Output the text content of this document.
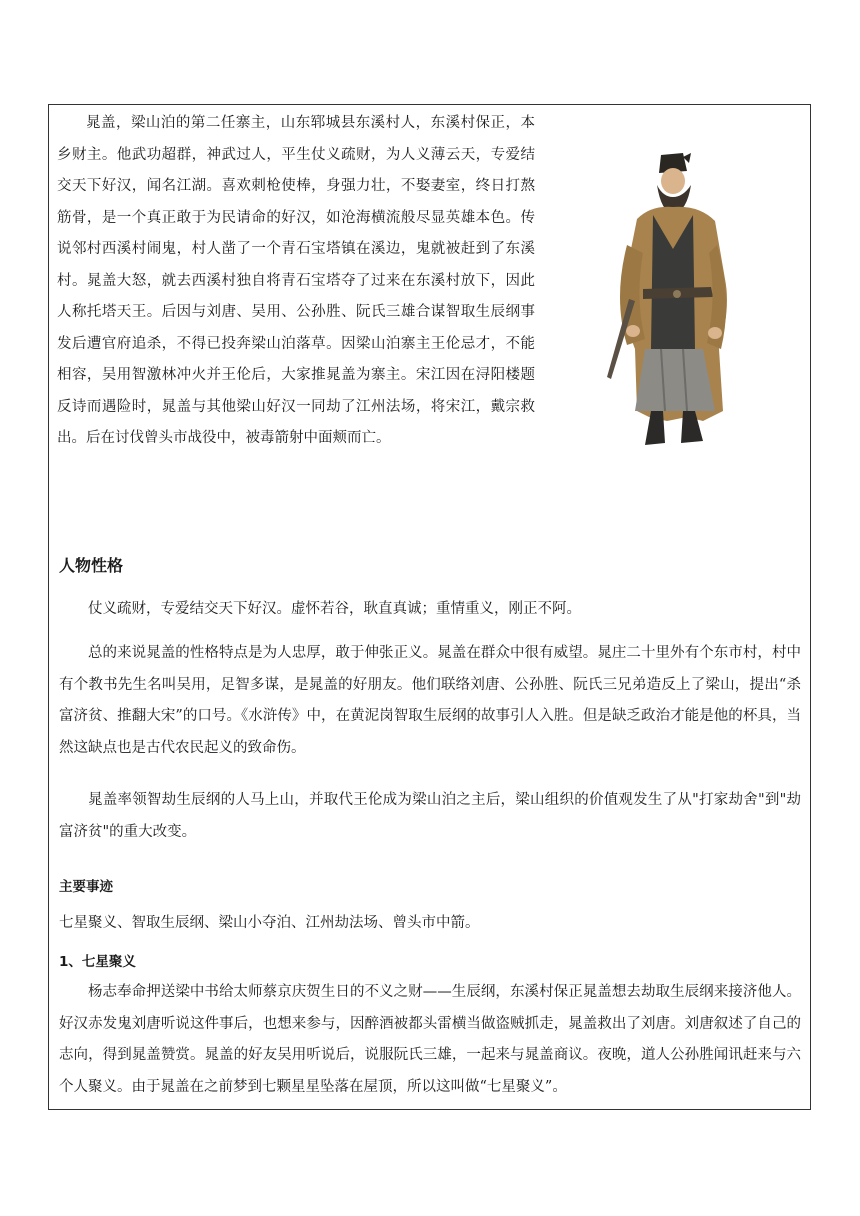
晁盖，梁山泊的第二任寨主，山东郓城县东溪村人，东溪村保正，本乡财主。他武功超群，神武过人，平生仗义疏财，为人义薄云天，专爱结交天下好汉，闻名江湖。喜欢刺枪使棒，身强力壮，不娶妻室，终日打熬筋骨，是一个真正敢于为民请命的好汉，如沧海横流般尽显英雄本色。传说邻村西溪村闹鬼，村人凿了一个青石宝塔镇在溪边，鬼就被赶到了东溪村。晁盖大怒，就去西溪村独自将青石宝塔夺了过来在东溪村放下，因此人称托塔天王。后因与刘唐、吴用、公孙胜、阮氏三雄合谋智取生辰纲事发后遭官府追杀，不得已投奔梁山泊落草。因梁山泊寨主王伦忌才，不能相容，吴用智激林冲火并王伦后，大家推晁盖为寨主。宋江因在浔阳楼题反诗而遇险时，晁盖与其他梁山好汉一同劫了江州法场，将宋江，戴宗救出。后在讨伐曾头市战役中，被毒箭射中面颊而亡。

人物性格

仗义疏财，专爱结交天下好汉。虚怀若谷，耿直真诚；重情重义，刚正不阿。

总的来说晁盖的性格特点是为人忠厚，敢于伸张正义。晁盖在群众中很有威望。晁庄二十里外有个东市村，村中有个教书先生名叫吴用，足智多谋，是晁盖的好朋友。他们联络刘唐、公孙胜、阮氏三兄弟造反上了梁山，提出“杀富济贫、推翻大宋”的口号。《水浒传》中，在黄泥岗智取生辰纲的故事引人入胜。但是缺乏政治才能是他的杯具，当然这缺点也是古代农民起义的致命伤。

晁盖率领智劫生辰纲的人马上山，并取代王伦成为梁山泊之主后，梁山组织的价值观发生了从"打家劫舍"到"劫富济贫"的重大改变。

主要事迹

七星聚义、智取生辰纲、梁山小夺泊、江州劫法场、曾头市中箭。

1、七星聚义

杨志奉命押送梁中书给太师蔡京庆贺生日的不义之财——生辰纲，东溪村保正晁盖想去劫取生辰纲来接济他人。好汉赤发鬼刘唐听说这件事后，也想来参与，因醉酒被都头雷横当做盗贼抓走，晁盖救出了刘唐。刘唐叙述了自己的志向，得到晁盖赞赏。晁盖的好友吴用听说后，说服阮氏三雄，一起来与晁盖商议。夜晚，道人公孙胜闻讯赶来与六个人聚义。由于晁盖在之前梦到七颗星星坠落在屋顶，所以这叫做“七星聚义”。
